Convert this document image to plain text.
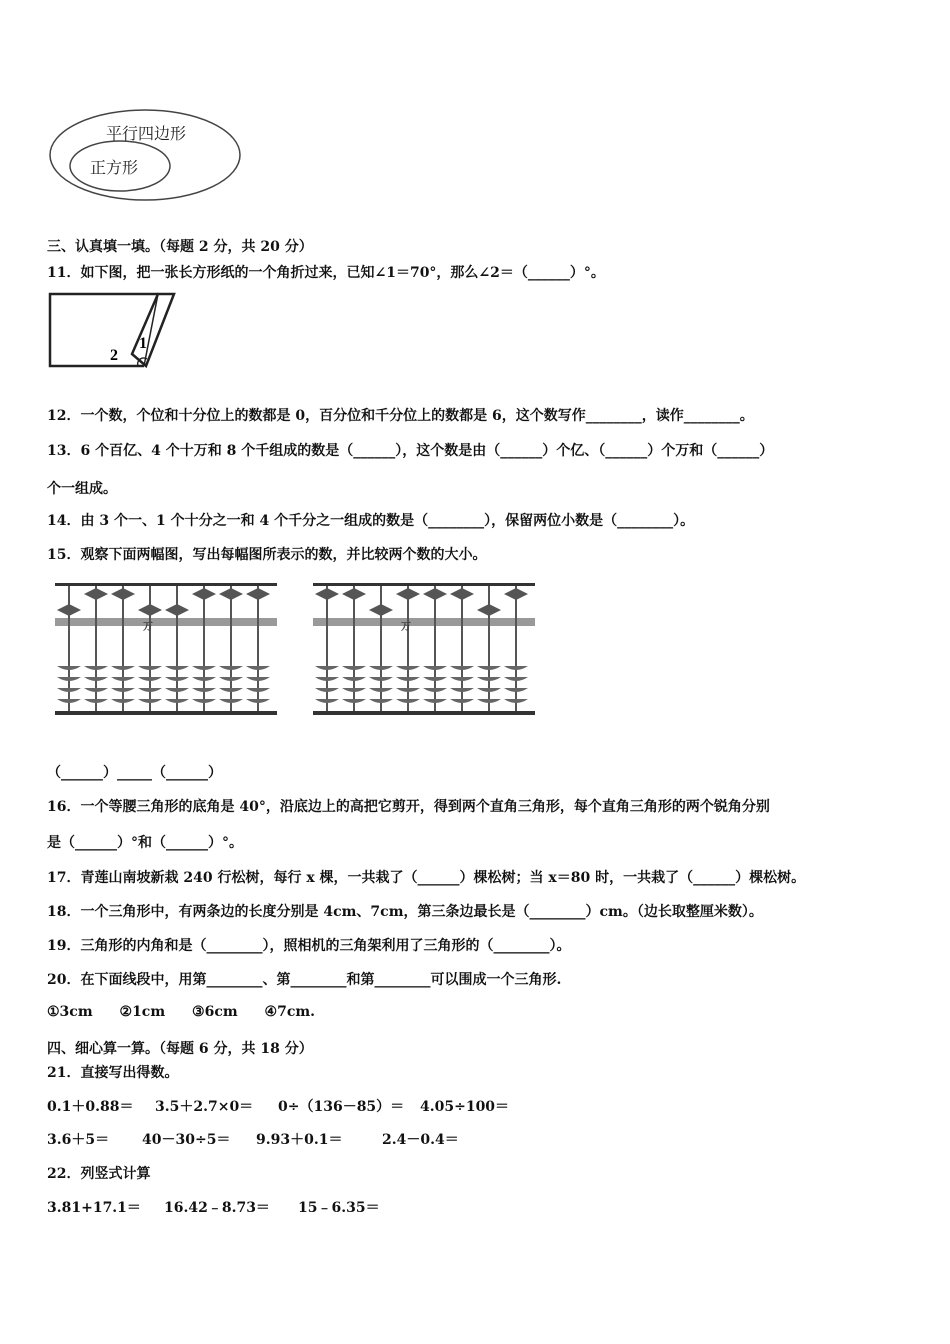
平行四边形
正方形
三、认真填一填。（每题 2 分，共 20 分）
11．如下图，把一张长方形纸的一个角折过来，已知∠1＝70°，那么∠2＝（______）°。
1
2
12．一个数，个位和十分位上的数都是 0，百分位和千分位上的数都是 6，这个数写作________，读作________。
13．6 个百亿、4 个十万和 8 个千组成的数是（______），这个数是由（______）个亿、（______）个万和（______）
个一组成。
14．由 3 个一、1 个十分之一和 4 个千分之一组成的数是（________），保留两位小数是（________）。
15．观察下面两幅图，写出每幅图所表示的数，并比较两个数的大小。
万	万
（______）_____（______）
16．一个等腰三角形的底角是 40°，沿底边上的高把它剪开，得到两个直角三角形，每个直角三角形的两个锐角分别
是（______）°和（______）°。
17．青莲山南坡新栽 240 行松树，每行 x 棵，一共栽了（______）棵松树；当 x＝80 时，一共栽了（______）棵松树。
18．一个三角形中，有两条边的长度分别是 4cm、7cm，第三条边最长是（________）cm。（边长取整厘米数）。
19．三角形的内角和是（________），照相机的三角架利用了三角形的（________）。
20．在下面线段中，用第________、第________和第________可以围成一个三角形.
①3cm ②1cm ③6cm ④7cm.
四、细心算一算。（每题 6 分，共 18 分）
21．直接写出得数。
0.1＋0.88＝ 3.5＋2.7×0＝ 0÷（136－85）＝ 4.05÷100＝
3.6＋5＝ 40－30÷5＝ 9.93＋0.1＝	2.4－0.4＝
22．列竖式计算
3.81+17.1＝ 16.42﹣8.73＝ 15﹣6.35＝
